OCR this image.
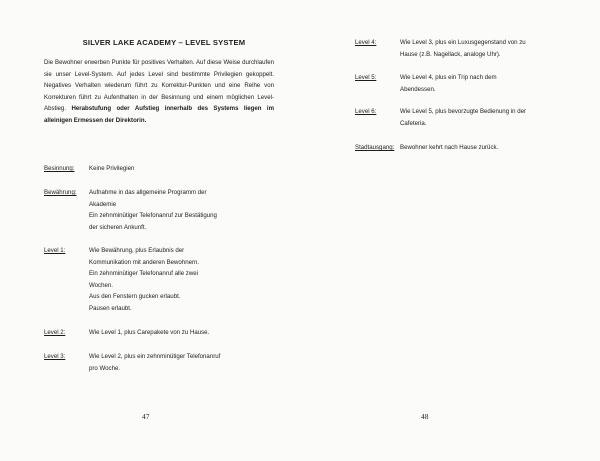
SILVER LAKE ACADEMY – LEVEL SYSTEM

Die Bewohner erwerben Punkte für positives Verhalten. Auf diese Weise durchlaufen sie unser Level-System. Auf jedes Level sind bestimmte Privilegien gekoppelt. Negatives Verhalten wiederum führt zu Korrektur-Punkten und eine Reihe von Korrekturen führt zu Aufenthalten in der Besinnung und einem möglichen Level-Abstieg. Herabstufung oder Aufstieg innerhalb des Systems liegen im alleinigen Ermessen der Direktorin.

Besinnung: Keine Privilegien
Bewährung: Aufnahme in das allgemeine Programm der
Akademie
Ein zehnminütiger Telefonanruf zur Bestätigung
der sicheren Ankunft.
Level 1:	Wie Bewährung, plus Erlaubnis der
Kommunikation mit anderen Bewohnern.
Ein zehnminütiger Telefonanruf alle zwei
Wochen.
Aus den Fenstern gucken erlaubt.
Pausen erlaubt.
Level 2:	Wie Level 1, plus Carepakete von zu Hause.
Level 3:	Wie Level 2, plus ein zehnminütiger Telefonanruf
pro Woche.
47
Level 4:	Wie Level 3, plus ein Luxusgegenstand von zu
Hause (z.B. Nagellack, analoge Uhr).
Level 5:	Wie Level 4, plus ein Trip nach dem
Abendessen.
Level 6:	Wie Level 5, plus bevorzugte Bedienung in der
Cafeteria.
Stadtausgang: Bewohner kehrt nach Hause zurück.
48
